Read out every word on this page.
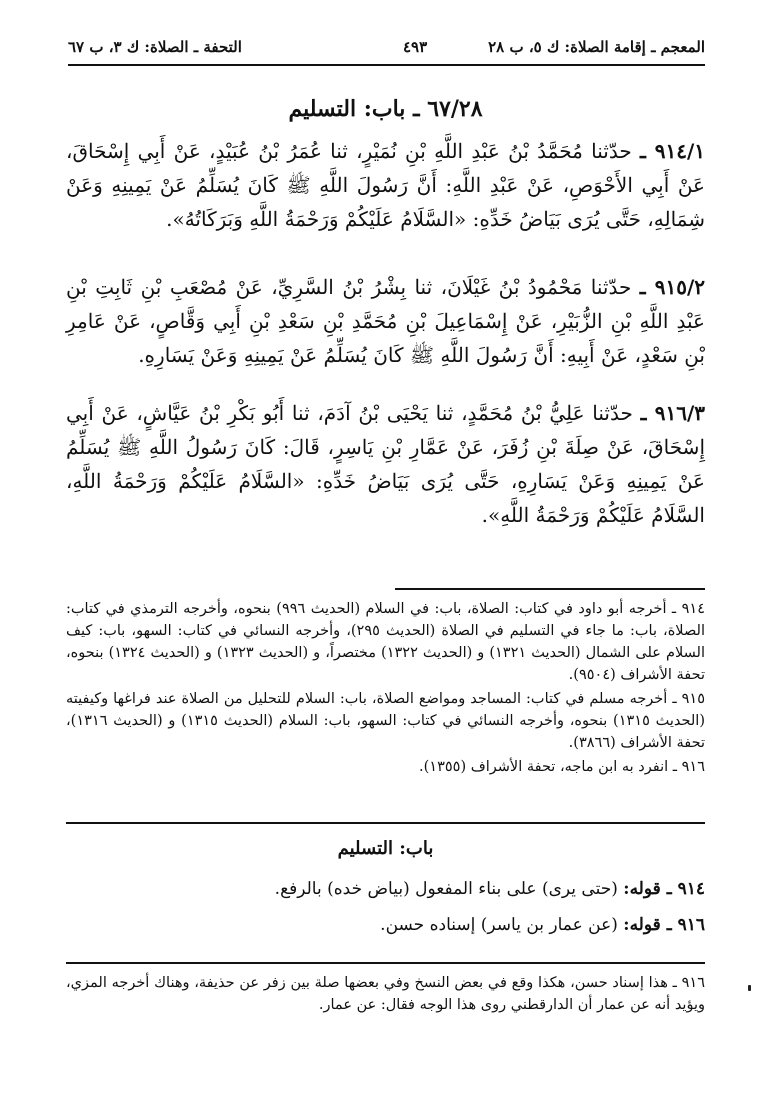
المعجم ـ إقامة الصلاة: ك ٥، ب ٢٨
٤٩٣
التحفة ـ الصلاة: ك ٣، ب ٦٧
٦٧/٢٨ ـ باب: التسليم
٩١٤/١ ـ حدّثنا مُحَمَّدُ بْنُ عَبْدِ اللَّهِ بْنِ نُمَيْرٍ، ثنا عُمَرُ بْنُ عُبَيْدٍ، عَنْ أَبِي إِسْحَاقَ، عَنْ أَبِي الأَحْوَصِ، عَنْ عَبْدِ اللَّهِ: أَنَّ رَسُولَ اللَّهِ ﷺ كَانَ يُسَلِّمُ عَنْ يَمِينِهِ وَعَنْ شِمَالِهِ، حَتَّى يُرَى بَيَاضُ خَدِّهِ: «السَّلَامُ عَلَيْكُمْ وَرَحْمَةُ اللَّهِ وَبَرَكَاتُهُ».
٩١٥/٢ ـ حدّثنا مَحْمُودُ بْنُ غَيْلَانَ، ثنا بِشْرُ بْنُ السَّرِيِّ، عَنْ مُصْعَبِ بْنِ ثَابِتِ بْنِ عَبْدِ اللَّهِ بْنِ الزُّبَيْرِ، عَنْ إِسْمَاعِيلَ بْنِ مُحَمَّدِ بْنِ سَعْدِ بْنِ أَبِي وَقَّاصٍ، عَنْ عَامِرِ بْنِ سَعْدٍ، عَنْ أَبِيهِ: أَنَّ رَسُولَ اللَّهِ ﷺ كَانَ يُسَلِّمُ عَنْ يَمِينِهِ وَعَنْ يَسَارِهِ.
٩١٦/٣ ـ حدّثنا عَلِيُّ بْنُ مُحَمَّدٍ، ثنا يَحْيَى بْنُ آدَمَ، ثنا أَبُو بَكْرِ بْنُ عَيَّاشٍ، عَنْ أَبِي إِسْحَاقَ، عَنْ صِلَةَ بْنِ زُفَرَ، عَنْ عَمَّارِ بْنِ يَاسِرٍ، قَالَ: كَانَ رَسُولُ اللَّهِ ﷺ يُسَلِّمُ عَنْ يَمِينِهِ وَعَنْ يَسَارِهِ، حَتَّى يُرَى بَيَاضُ خَدِّهِ: «السَّلَامُ عَلَيْكُمْ وَرَحْمَةُ اللَّهِ، السَّلَامُ عَلَيْكُمْ وَرَحْمَةُ اللَّهِ».

٩١٤ ـ أخرجه أبو داود في كتاب: الصلاة، باب: في السلام (الحديث ٩٩٦) بنحوه، وأخرجه الترمذي في كتاب: الصلاة، باب: ما جاء في التسليم في الصلاة (الحديث ٢٩٥)، وأخرجه النسائي في كتاب: السهو، باب: كيف السلام على الشمال (الحديث ١٣٢١) و (الحديث ١٣٢٢) مختصراً، و (الحديث ١٣٢٣) و (الحديث ١٣٢٤) بنحوه، تحفة الأشراف (٩٥٠٤).

٩١٥ ـ أخرجه مسلم في كتاب: المساجد ومواضع الصلاة، باب: السلام للتحليل من الصلاة عند فراغها وكيفيته (الحديث ١٣١٥) بنحوه، وأخرجه النسائي في كتاب: السهو، باب: السلام (الحديث ١٣١٥) و (الحديث ١٣١٦)، تحفة الأشراف (٣٨٦٦).

٩١٦ ـ انفرد به ابن ماجه، تحفة الأشراف (١٣٥٥).

باب: التسليم
٩١٤ ـ قوله: (حتى يرى) على بناء المفعول (بياض خده) بالرفع.
٩١٦ ـ قوله: (عن عمار بن ياسر) إسناده حسن.
٩١٦ ـ هذا إسناد حسن، هكذا وقع في بعض النسخ وفي بعضها صلة بين زفر عن حذيفة، وهناك أخرجه المزي، ويؤيد أنه عن عمار أن الدارقطني روى هذا الوجه فقال: عن عمار.
